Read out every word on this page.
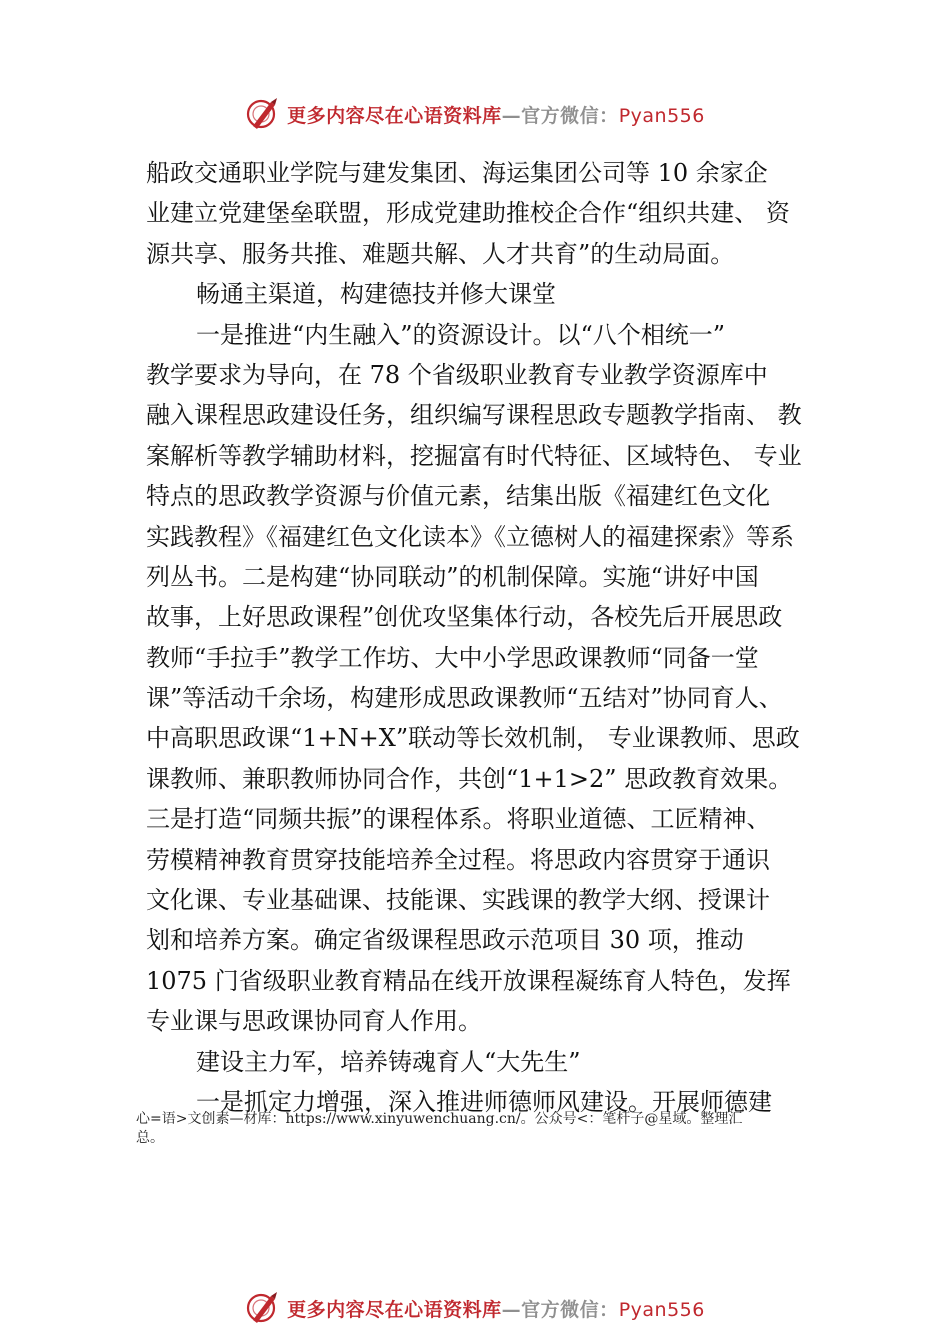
更多内容尽在心语资料库—官方微信：Pyan556
船政交通职业学院与建发集团、海运集团公司等 10 余家企
业建立党建堡垒联盟，形成党建助推校企合作“组织共建、 资
源共享、服务共推、难题共解、人才共育”的生动局面。
畅通主渠道，构建德技并修大课堂
一是推进“内生融入”的资源设计。以“八个相统一”
教学要求为导向，在 78 个省级职业教育专业教学资源库中
融入课程思政建设任务，组织编写课程思政专题教学指南、 教
案解析等教学辅助材料，挖掘富有时代特征、区域特色、 专业
特点的思政教学资源与价值元素，结集出版《福建红色文化
实践教程》《福建红色文化读本》《立德树人的福建探索》等系
列丛书。二是构建“协同联动”的机制保障。实施“讲好中国
故事，上好思政课程”创优攻坚集体行动，各校先后开展思政
教师“手拉手”教学工作坊、大中小学思政课教师“同备一堂
课”等活动千余场，构建形成思政课教师“五结对”协同育人、
中高职思政课“1+N+X”联动等长效机制， 专业课教师、思政
课教师、兼职教师协同合作，共创“1+1>2” 思政教育效果。
三是打造“同频共振”的课程体系。将职业道德、工匠精神、
劳模精神教育贯穿技能培养全过程。将思政内容贯穿于通识
文化课、专业基础课、技能课、实践课的教学大纲、授课计
划和培养方案。确定省级课程思政示范项目 30 项，推动
1075 门省级职业教育精品在线开放课程凝练育人特色，发挥
专业课与思政课协同育人作用。
建设主力军，培养铸魂育人“大先生”
一是抓定力增强，深入推进师德师风建设。开展师德建
心=语>文创素—材库：https://www.xinyuwenchuang.cn/。公众号<：笔杆子@星域。整理汇
总。
更多内容尽在心语资料库—官方微信：Pyan556
